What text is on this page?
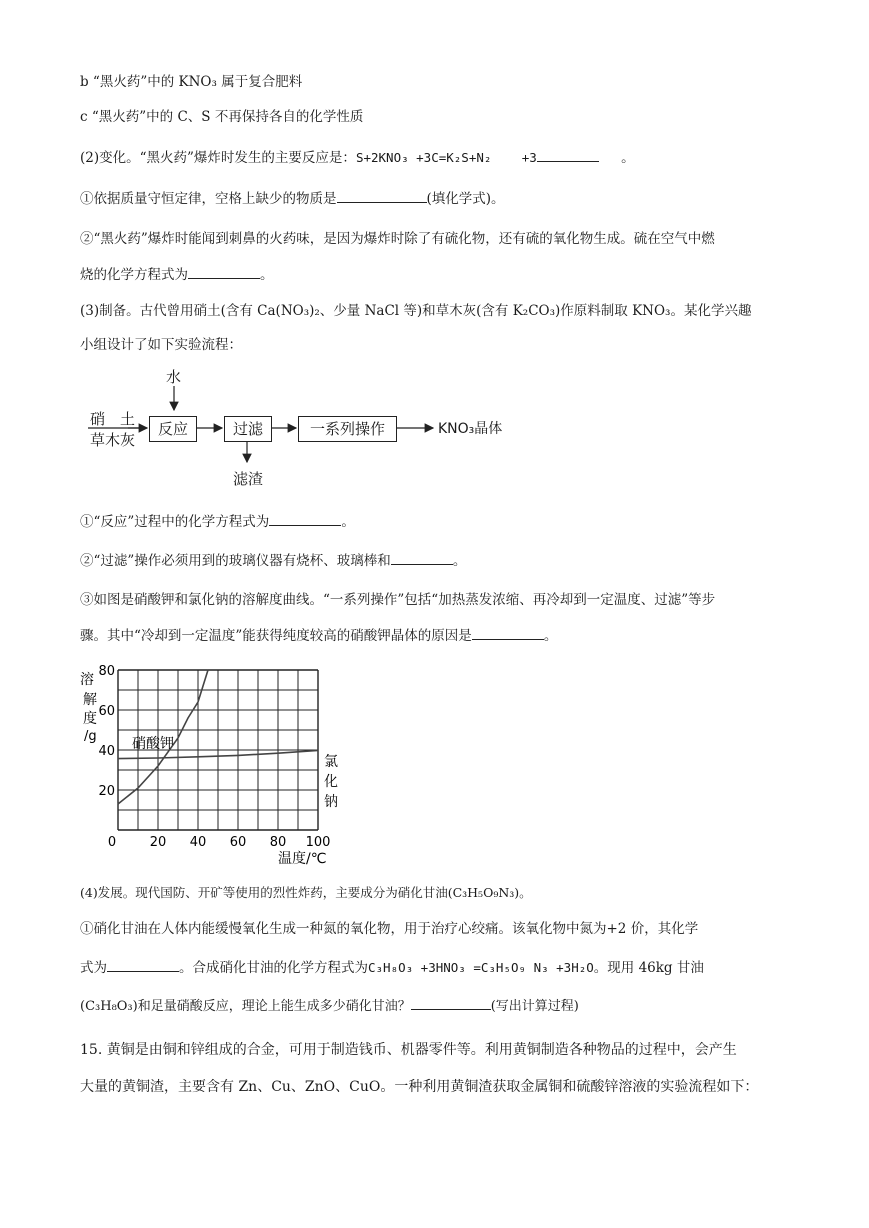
b “黑火药”中的 KNO₃ 属于复合肥料
c “黑火药”中的 C、S 不再保持各自的化学性质
(2)变化。“黑火药”爆炸时发生的主要反应是：S+2KNO₃ +3C=K₂S+N₂ +3	。
①依据质量守恒定律，空格上缺少的物质是	(填化学式)。
②“黑火药”爆炸时能闻到刺鼻的火药味，是因为爆炸时除了有硫化物，还有硫的氧化物生成。硫在空气中燃
烧的化学方程式为	。
(3)制备。古代曾用硝土(含有 Ca(NO₃)₂、少量 NaCl 等)和草木灰(含有 K₂CO₃)作原料制取 KNO₃。某化学兴趣
小组设计了如下实验流程：
水
硝　土
草木灰
反应	过滤	一系列操作	KNO₃晶体
滤渣
①“反应”过程中的化学方程式为	。
②“过滤”操作必须用到的玻璃仪器有烧杯、玻璃棒和	。
③如图是硝酸钾和氯化钠的溶解度曲线。“一系列操作”包括“加热蒸发浓缩、再冷却到一定温度、过滤”等步
骤。其中“冷却到一定温度”能获得纯度较高的硝酸钾晶体的原因是	。
0	20 40 60 80 100
20
40
60
80
溶
解
度
/g
温度/℃
硝酸钾
氯
化
钠
(4)发展。现代国防、开矿等使用的烈性炸药，主要成分为硝化甘油(C₃H₅O₉N₃)。
①硝化甘油在人体内能缓慢氧化生成一种氮的氧化物，用于治疗心绞痛。该氧化物中氮为+2 价，其化学
式为	。合成硝化甘油的化学方程式为C₃H₈O₃ +3HNO₃ =C₃H₅O₉ N₃ +3H₂O。现用 46kg 甘油
(C₃H₈O₃)和足量硝酸反应，理论上能生成多少硝化甘油？	(写出计算过程)
15. 黄铜是由铜和锌组成的合金，可用于制造钱币、机器零件等。利用黄铜制造各种物品的过程中，会产生
大量的黄铜渣，主要含有 Zn、Cu、ZnO、CuO。一种利用黄铜渣获取金属铜和硫酸锌溶液的实验流程如下：
